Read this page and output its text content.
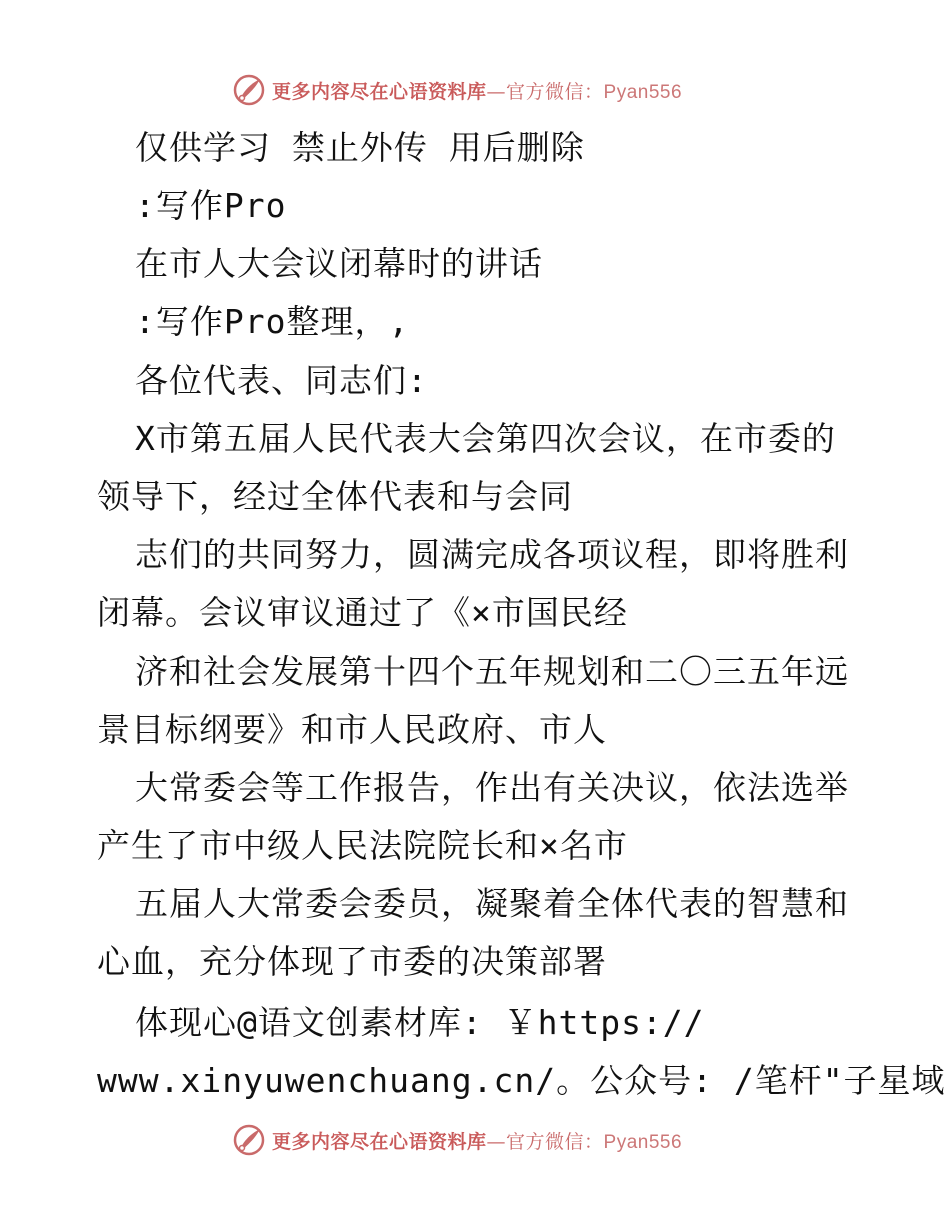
更多内容尽在心语资料库—官方微信：Pyan556
仅供学习 禁止外传 用后删除
:写作Pro
在市人大会议闭幕时的讲话
:写作Pro整理，,
各位代表、同志们:
X市第五届人民代表大会第四次会议，在市委的
领导下，经过全体代表和与会同
志们的共同努力，圆满完成各项议程，即将胜利
闭幕。会议审议通过了《×市国民经
济和社会发展第十四个五年规划和二〇三五年远
景目标纲要》和市人民政府、市人
大常委会等工作报告，作出有关决议，依法选举
产生了市中级人民法院院长和×名市
五届人大常委会委员，凝聚着全体代表的智慧和
心血，充分体现了市委的决策部署
体现心@语文创素材库: ￥https://
www.xinyuwenchuang.cn/。公众号: /笔杆"子星域
更多内容尽在心语资料库—官方微信：Pyan556
